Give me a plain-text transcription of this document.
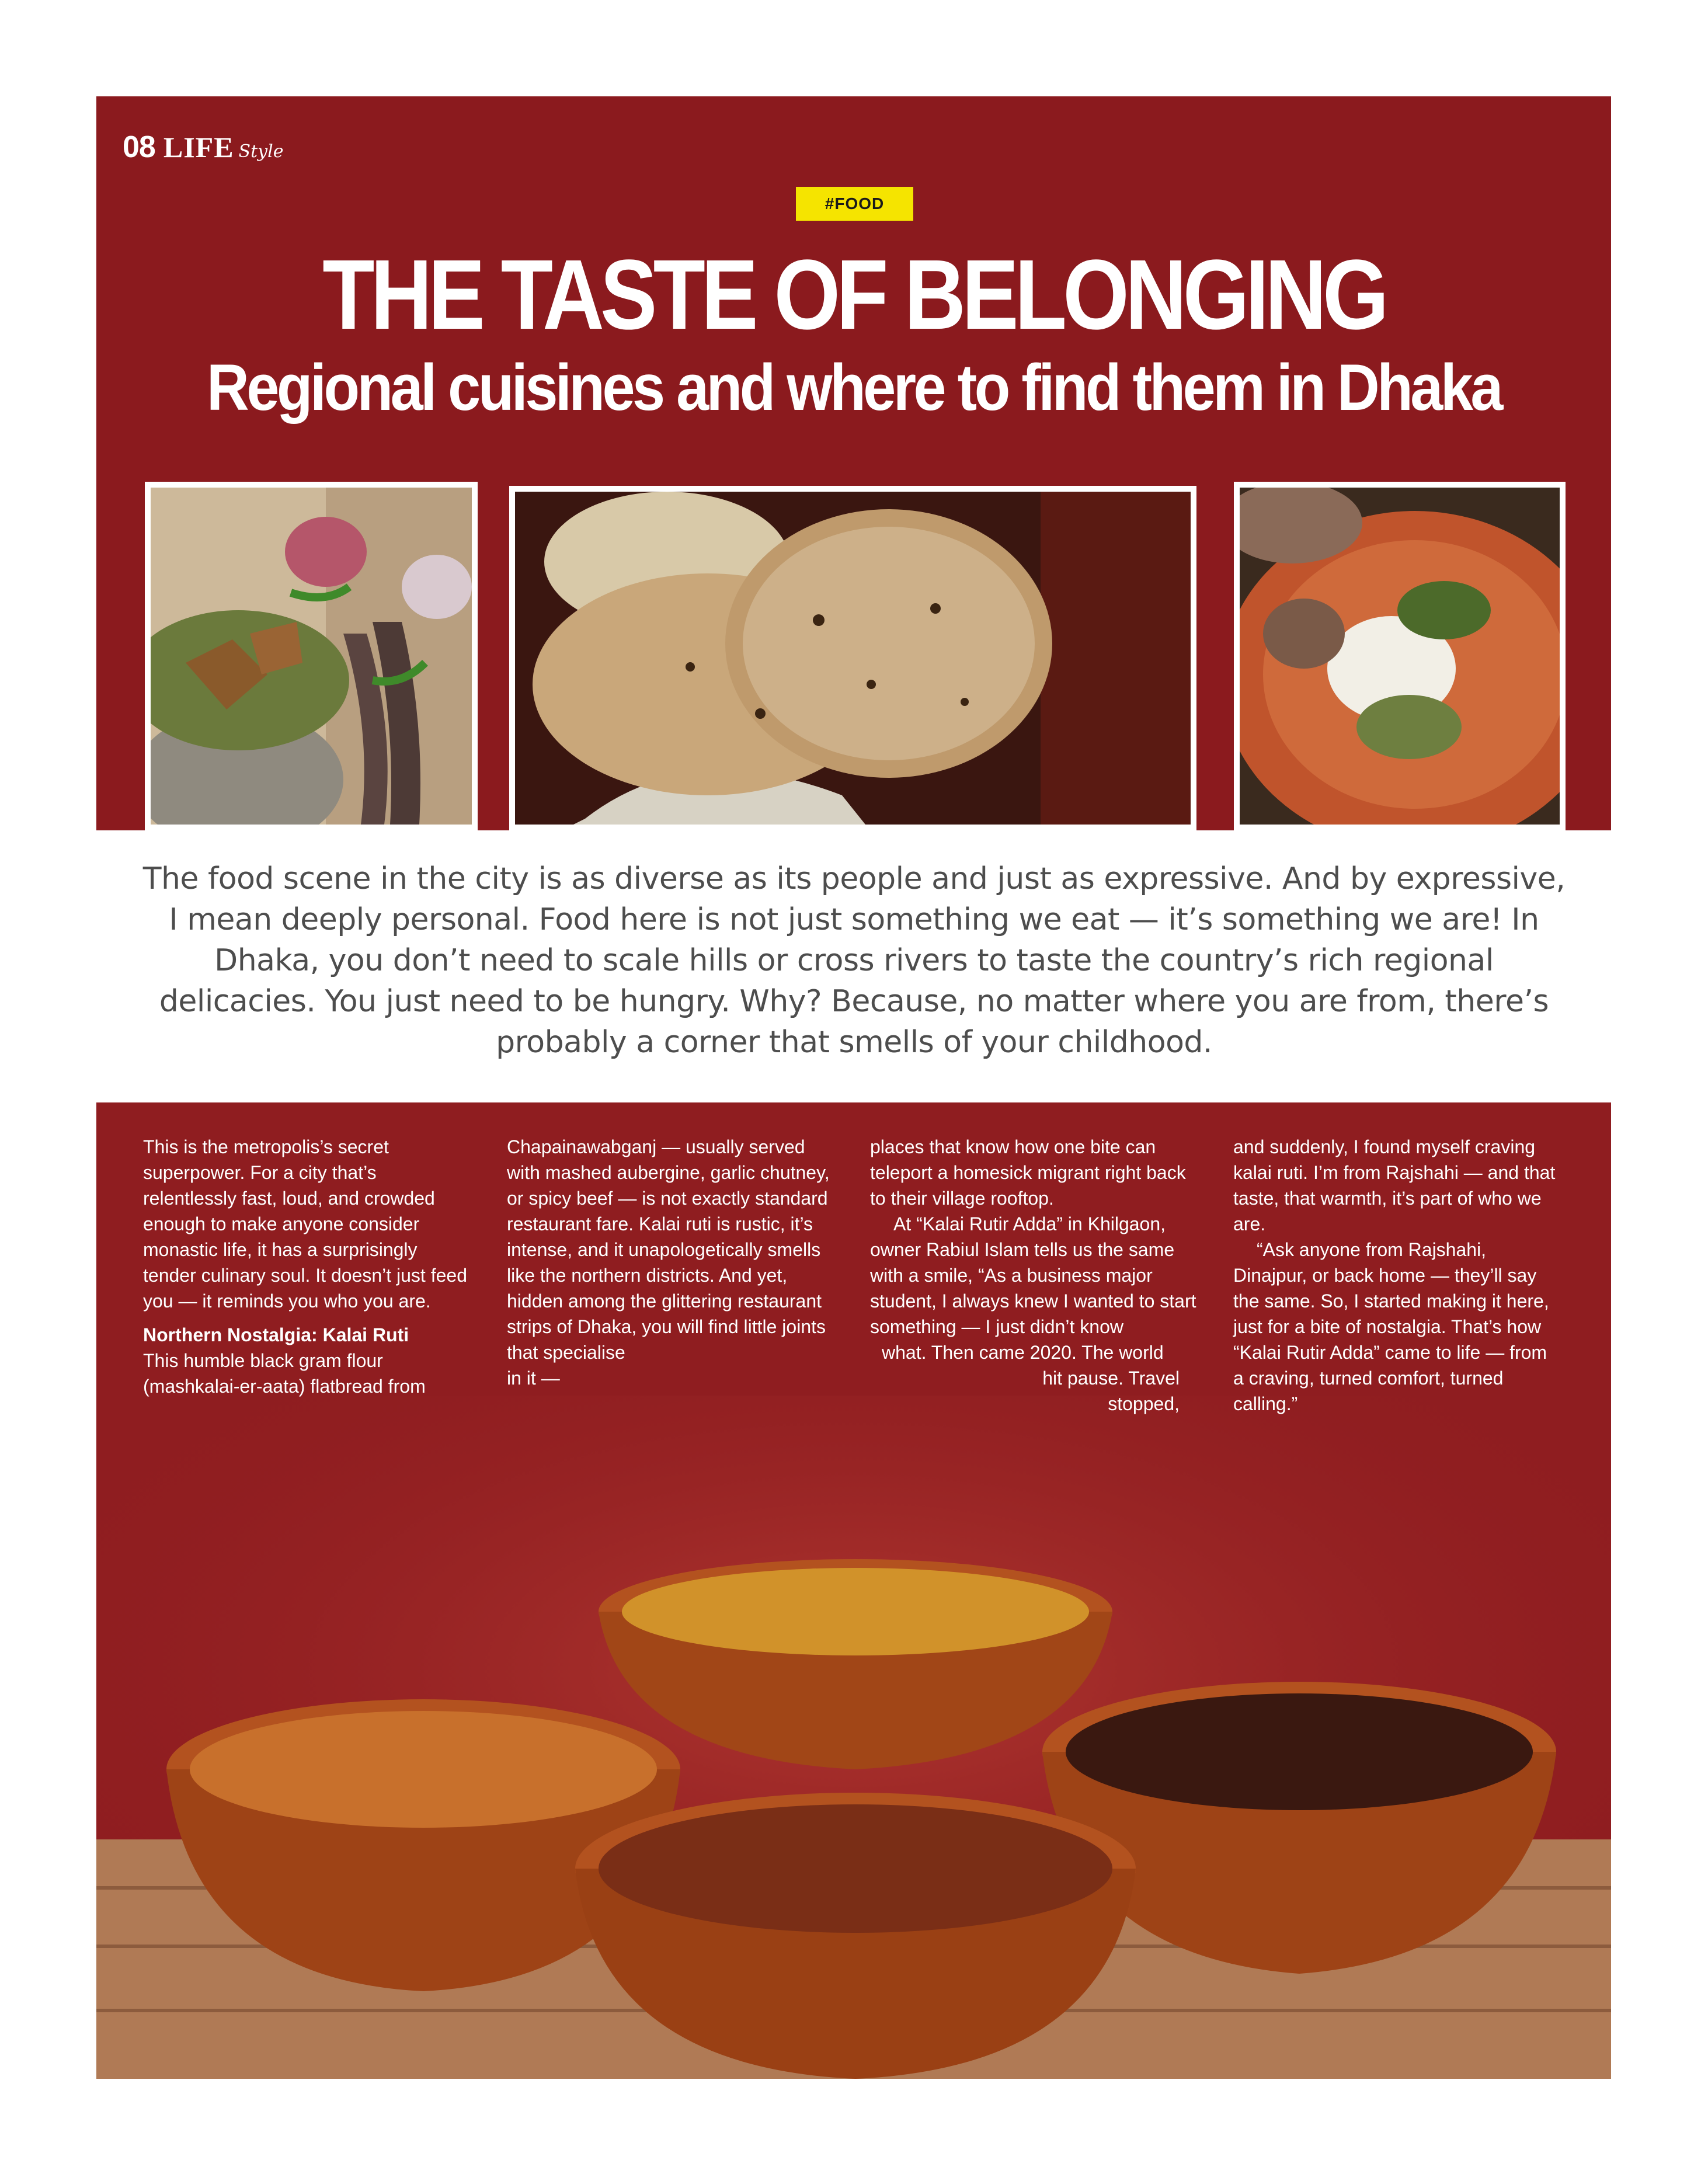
08 LIFE Style
#FOOD
THE TASTE OF BELONGING
Regional cuisines and where to find them in Dhaka
The food scene in the city is as diverse as its people and just as expressive. And by expressive, I mean deeply personal. Food here is not just something we eat — it’s something we are! In Dhaka, you don’t need to scale hills or cross rivers to taste the country’s rich regional delicacies. You just need to be hungry. Why? Because, no matter where you are from, there’s probably a corner that smells of your childhood.

This is the metropolis’s secret superpower. For a city that’s relentlessly fast, loud, and crowded enough to make anyone consider monastic life, it has a surprisingly tender culinary soul. It doesn’t just feed you — it reminds you who you are.

Northern Nostalgia: Kalai Ruti

This humble black gram flour (mashkalai-er-aata) flatbread from

Chapainawabganj — usually served with mashed aubergine, garlic chutney, or spicy beef — is not exactly standard restaurant fare. Kalai ruti is rustic, it’s intense, and it unapologetically smells like the northern districts. And yet, hidden among the glittering restaurant strips of Dhaka, you will find little joints that specialise

in it —

places that know how one bite can teleport a homesick migrant right back to their village rooftop.

At “Kalai Rutir Adda” in Khilgaon, owner Rabiul Islam tells us the same with a smile, “As a business major student, I always knew I wanted to start something — I just didn’t know

what. Then came 2020. The world

hit pause. Travel

stopped,

and suddenly, I found myself craving kalai ruti. I’m from Rajshahi — and that taste, that warmth, it’s part of who we are.

“Ask anyone from Rajshahi, Dinajpur, or back home — they’ll say the same. So, I started making it here, just for a bite of nostalgia. That’s how “Kalai Rutir Adda” came to life — from a craving, turned comfort, turned calling.”
